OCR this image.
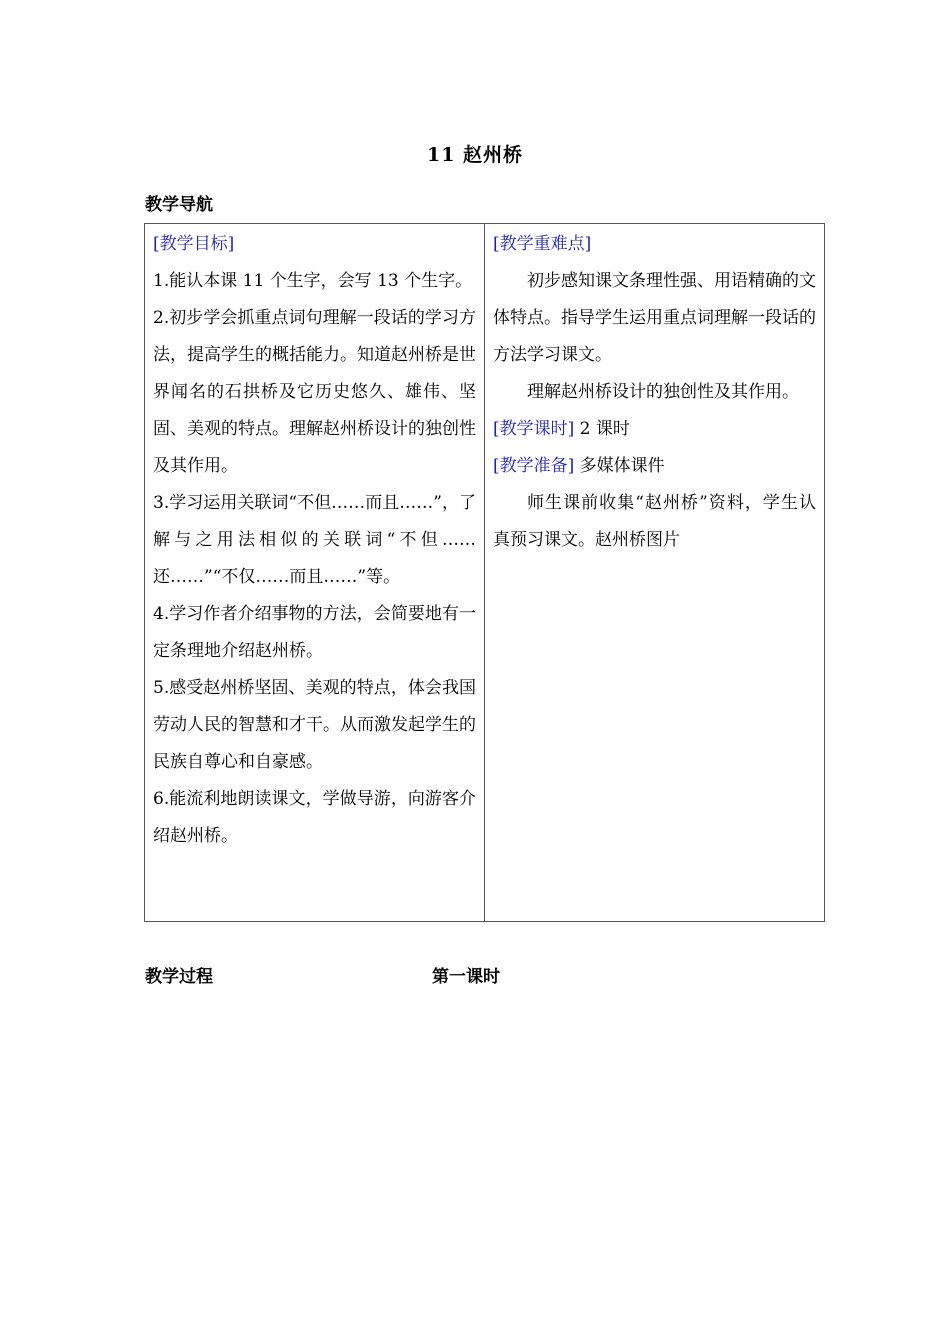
11 赵州桥
教学导航

[教学目标]

1.能认本课 11 个生字，会写 13 个生字。

2.初步学会抓重点词句理解一段话的学习方法，提高学生的概括能力。知道赵州桥是世界闻名的石拱桥及它历史悠久、雄伟、坚固、美观的特点。理解赵州桥设计的独创性及其作用。

3.学习运用关联词“不但……而且……”，了解与之用法相似的关联词“不但……还……”“不仅……而且……”等。

4.学习作者介绍事物的方法，会简要地有一定条理地介绍赵州桥。

5.感受赵州桥坚固、美观的特点，体会我国劳动人民的智慧和才干。从而激发起学生的民族自尊心和自豪感。

6.能流利地朗读课文，学做导游，向游客介绍赵州桥。

[教学重难点]

初步感知课文条理性强、用语精确的文体特点。指导学生运用重点词理解一段话的方法学习课文。

理解赵州桥设计的独创性及其作用。

[教学课时] 2 课时

[教学准备] 多媒体课件

师生课前收集“赵州桥”资料，学生认真预习课文。赵州桥图片

教学过程	第一课时
